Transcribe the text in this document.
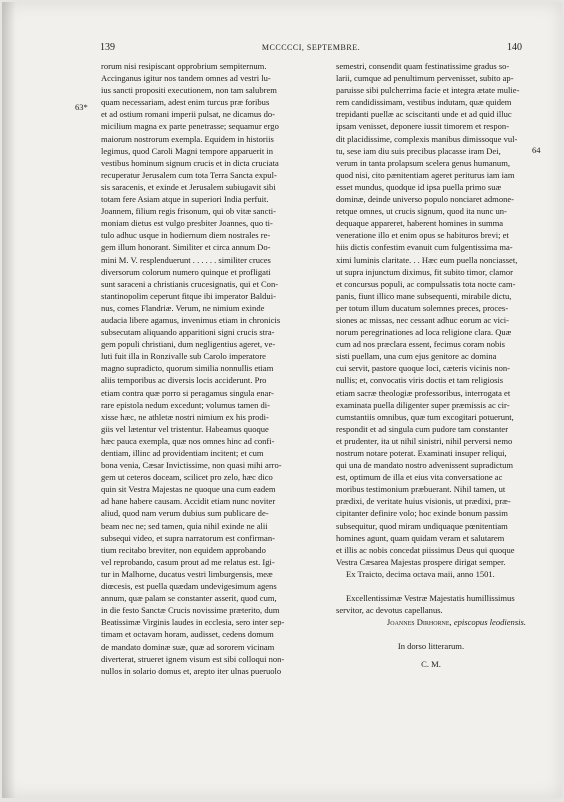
139	MCCCCCI, SEPTEMBRE.	140
63*
64
rorum nisi resipiscant opprobrium sempiternum.
Accinganus igitur nos tandem omnes ad vestri lu-
ius sancti propositi executionem, non tam salubrem
quam necessariam, adest enim turcus præ foribus
et ad ostium romani imperii pulsat, ne dicamus do-
micilium magna ex parte penetrasse; sequamur ergo
maiorum nostrorum exempla. Equidem in historiis
legimus, quod Caroli Magni tempore apparuerit in
vestibus hominum signum crucis et in dicta cruciata
recuperatur Jerusalem cum tota Terra Sancta expul-
sis saracenis, et exinde et Jerusalem subiugavit sibi
totam fere Asiam atque in superiori India perfuit.
Joannem, filium regis frisonum, qui ob vitæ sancti-
moniam dietus est vulgo presbiter Joannes, quo ti-
tulo adhuc usque in hodiernum diem nostrales re-
gem illum honorant. Similiter et circa annum Do-
mini M. V. resplenduerunt . . . . . . similiter cruces
diversorum colorum numero quinque et profligati
sunt saraceni a christianis crucesignatis, qui et Con-
stantinopolim ceperunt fitque ibi imperator Baldui-
nus, comes Flandriæ. Verum, ne nimium exinde
audacia libere agamus, invenimus etiam in chronicis
subsecutam aliquando apparitioni signi crucis stra-
gem populi christiani, dum negligentius ageret, ve-
luti fuit illa in Ronzivalle sub Carolo imperatore
magno supradicto, quorum similia nonnullis etiam
aliis temporibus ac diversis locis acciderunt. Pro
etiam contra quæ porro si peragamus singula enar-
rare epistola nedum excedunt; volumus tamen di-
xisse hæc, ne athletæ nostri nimium ex his prodi-
giis vel lætentur vel tristentur. Habeamus quoque
hæc pauca exempla, quæ nos omnes hinc ad confi-
dentiam, illinc ad providentiam incitent; et cum
bona venia, Cæsar Invictissime, non quasi mihi arro-
gem ut ceteros doceam, scilicet pro zelo, hæc dico
quin sit Vestra Majestas ne quoque una cum eadem
ad hane habere causam. Accidit etiam nunc noviter
aliud, quod nam verum dubius sum publicare de-
beam nec ne; sed tamen, quia nihil exinde ne alii
subsequi video, et supra narratorum est confirman-
tium recitabo breviter, non equidem approbando
vel reprobando, casum prout ad me relatus est. Igi-
tur in Malhorne, ducatus vestri limburgensis, meæ
diœcesis, est puella quædam undevigesimum agens
annum, quæ palam se constanter asserit, quod cum,
in die festo Sanctæ Crucis novissime præterito, dum
Beatissimæ Virginis laudes in ecclesia, sero inter sep-
timam et octavam horam, audisset, cedens domum
de mandato dominæ suæ, quæ ad sororem vicinam
diverterat, strueret ignem visum est sibi colloqui non-
nullos in solario domus et, arepto iter ulnas pueruolo
semestri, consendit quam festinatissime gradus so-
larii, cumque ad penultimum pervenisset, subito ap-
paruisse sibi pulcherrima facie et integra ætate mulie-
rem candidissimam, vestibus indutam, quæ quidem
trepidanti puellæ ac sciscitanti unde et ad quid illuc
ipsam venisset, deponere iussit timorem et respon-
dit placidissime, complexis manibus dimissoque vul-
tu, sese iam diu suis precibus placasse iram Dei,
verum in tanta prolapsum scelera genus humanum,
quod nisi, cito pænitentiam ageret periturus iam iam
esset mundus, quodque id ipsa puella primo suæ
dominæ, deinde universo populo nonciaret admone-
retque omnes, ut crucis signum, quod ita nunc un-
dequaque appareret, haberent homines in summa
veneratione illo et enim opus se habituros brevi; et
hiis dictis confestim evanuit cum fulgentissima ma-
ximi luminis claritate. . . Hæc eum puella nonciasset,
ut supra injunctum diximus, fit subito timor, clamor
et concursus populi, ac compulssatis tota nocte cam-
panis, fiunt illico mane subsequenti, mirabile dictu,
per totum illum ducatum solemnes preces, proces-
siones ac missas, nec cessant adhuc eorum ac vici-
norum peregrinationes ad loca religione clara. Quæ
cum ad nos præclara essent, fecimus coram nobis
sisti puellam, una cum ejus genitore ac domina
cui servit, pastore quoque loci, cæteris vicinis non-
nullis; et, convocatis viris doctis et tam religiosis
etiam sacræ theologiæ professoribus, interrogata et
examinata puella diligenter super præmissis ac cir-
cumstantiis omnibus, quæ tum excogitari potuerunt,
respondit et ad singula cum pudore tam constanter
et prudenter, ita ut nihil sinistri, nihil perversi nemo
nostrum notare poterat. Examinati insuper reliqui,
qui una de mandato nostro advenissent supradictum
est, optimum de illa et eius vita conversatione ac
moribus testimonium præbuerant. Nihil tamen, ut
prædixi, de veritate huius visionis, ut prædixi, præ-
cipitanter definire volo; hoc exinde bonum passim
subsequitur, quod miram undiquaque pœnitentiam
homines agunt, quam quidam veram et salutarem
et illis ac nobis concedat piissimus Deus qui quoque
Vestra Cæsarea Majestas prospere dirigat semper.
Ex Traicto, decima octava maii, anno 1501.
Excellentissimæ Vestræ Majestatis humillissimus
servitor, ac devotus capellanus.
Joannes Dirhorne, episcopus leodiensis.
In dorso litterarum.
C. M.
